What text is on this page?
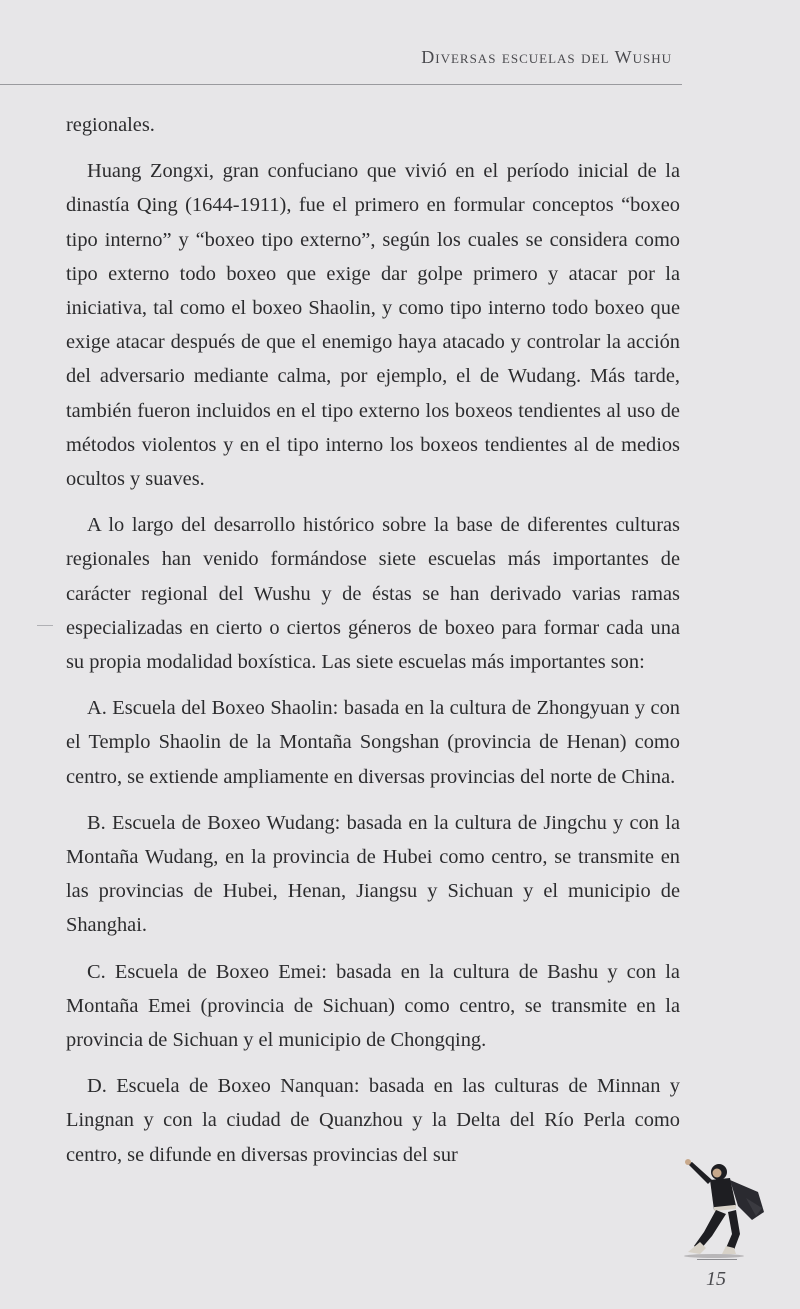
Diversas escuelas del Wushu

regionales.

Huang Zongxi, gran confuciano que vivió en el período inicial de la dinastía Qing (1644-1911), fue el primero en formular conceptos “boxeo tipo interno” y “boxeo tipo externo”, según los cuales se considera como tipo externo todo boxeo que exige dar golpe primero y atacar por la iniciativa, tal como el boxeo Shaolin, y como tipo interno todo boxeo que exige atacar después de que el enemigo haya atacado y controlar la acción del adversario mediante calma, por ejemplo, el de Wudang. Más tarde, también fueron incluidos en el tipo externo los boxeos tendientes al uso de métodos violentos y en el tipo interno los boxeos tendientes al de medios ocultos y suaves.

A lo largo del desarrollo histórico sobre la base de diferentes culturas regionales han venido formándose siete escuelas más importantes de carácter regional del Wushu y de éstas se han derivado varias ramas especializadas en cierto o ciertos géneros de boxeo para formar cada una su propia modalidad boxística. Las siete escuelas más importantes son:

A. Escuela del Boxeo Shaolin: basada en la cultura de Zhongyuan y con el Templo Shaolin de la Montaña Songshan (provincia de Henan) como centro, se extiende ampliamente en diversas provincias del norte de China.

B. Escuela de Boxeo Wudang: basada en la cultura de Jingchu y con la Montaña Wudang, en la provincia de Hubei como centro, se transmite en las provincias de Hubei, Henan, Jiangsu y Sichuan y el municipio de Shanghai.

C. Escuela de Boxeo Emei: basada en la cultura de Bashu y con la Montaña Emei (provincia de Sichuan) como centro, se transmite en la provincia de Sichuan y el municipio de Chongqing.

D. Escuela de Boxeo Nanquan: basada en las culturas de Minnan y Lingnan y con la ciudad de Quanzhou y la Delta del Río Perla como centro, se difunde en diversas provincias del sur

15
